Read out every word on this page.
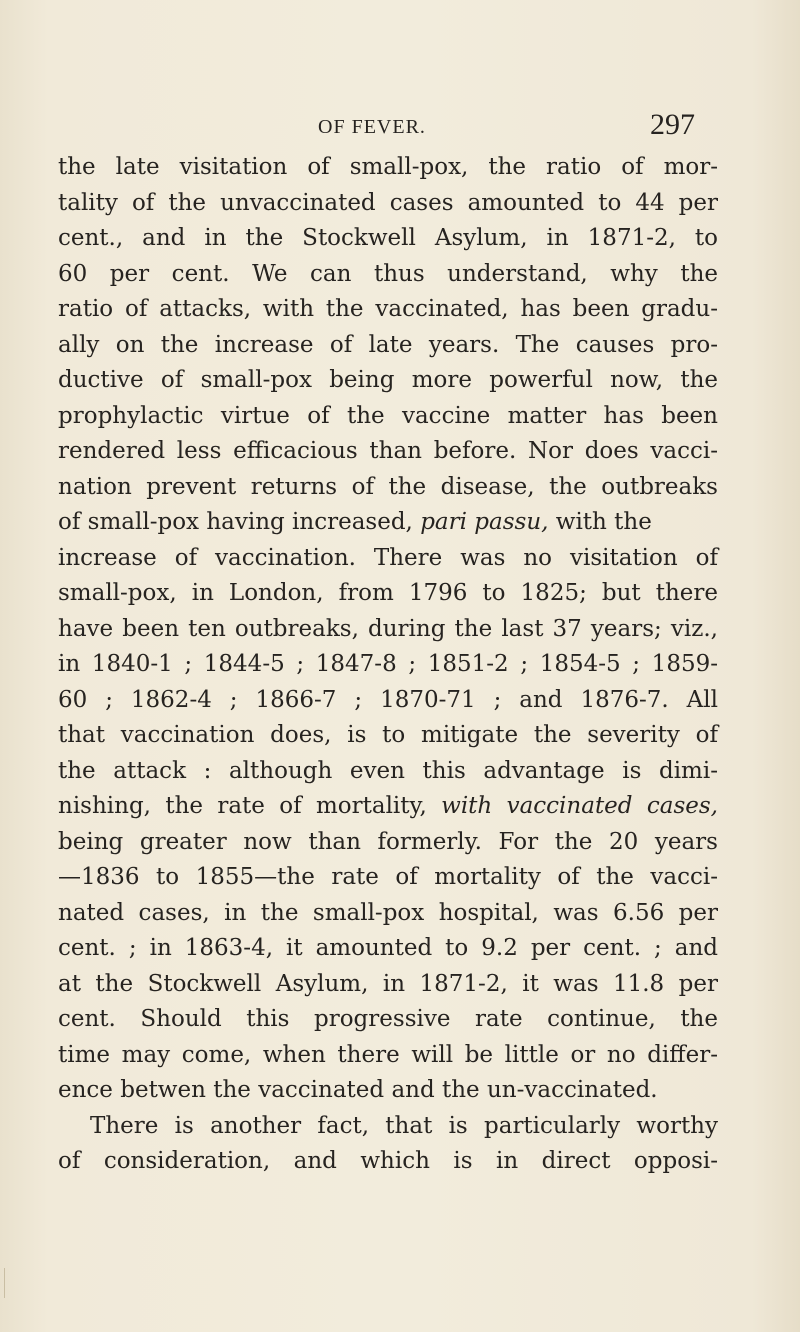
OF FEVER.	297
the late visitation of small-pox, the ratio of mor-
tality of the unvaccinated cases amounted to 44 per
cent., and in the Stockwell Asylum, in 1871-2, to
60 per cent. We can thus understand, why the
ratio of attacks, with the vaccinated, has been gradu-
ally on the increase of late years. The causes pro-
ductive of small-pox being more powerful now, the
prophylactic virtue of the vaccine matter has been
rendered less efficacious than before. Nor does vacci-
nation prevent returns of the disease, the outbreaks
of small-pox having increased, pari passu, with the
increase of vaccination. There was no visitation of
small-pox, in London, from 1796 to 1825; but there
have been ten outbreaks, during the last 37 years; viz.,
in 1840-1 ; 1844-5 ; 1847-8 ; 1851-2 ; 1854-5 ; 1859-
60 ; 1862-4 ; 1866-7 ; 1870-71 ; and 1876-7. All
that vaccination does, is to mitigate the severity of
the attack : although even this advantage is dimi-
nishing, the rate of mortality, with vaccinated cases,
being greater now than formerly. For the 20 years
—1836 to 1855—the rate of mortality of the vacci-
nated cases, in the small-pox hospital, was 6.56 per
cent. ; in 1863-4, it amounted to 9.2 per cent. ; and
at the Stockwell Asylum, in 1871-2, it was 11.8 per
cent. Should this progressive rate continue, the
time may come, when there will be little or no differ-
ence betwen the vaccinated and the un-vaccinated.
There is another fact, that is particularly worthy
of consideration, and which is in direct opposi-
